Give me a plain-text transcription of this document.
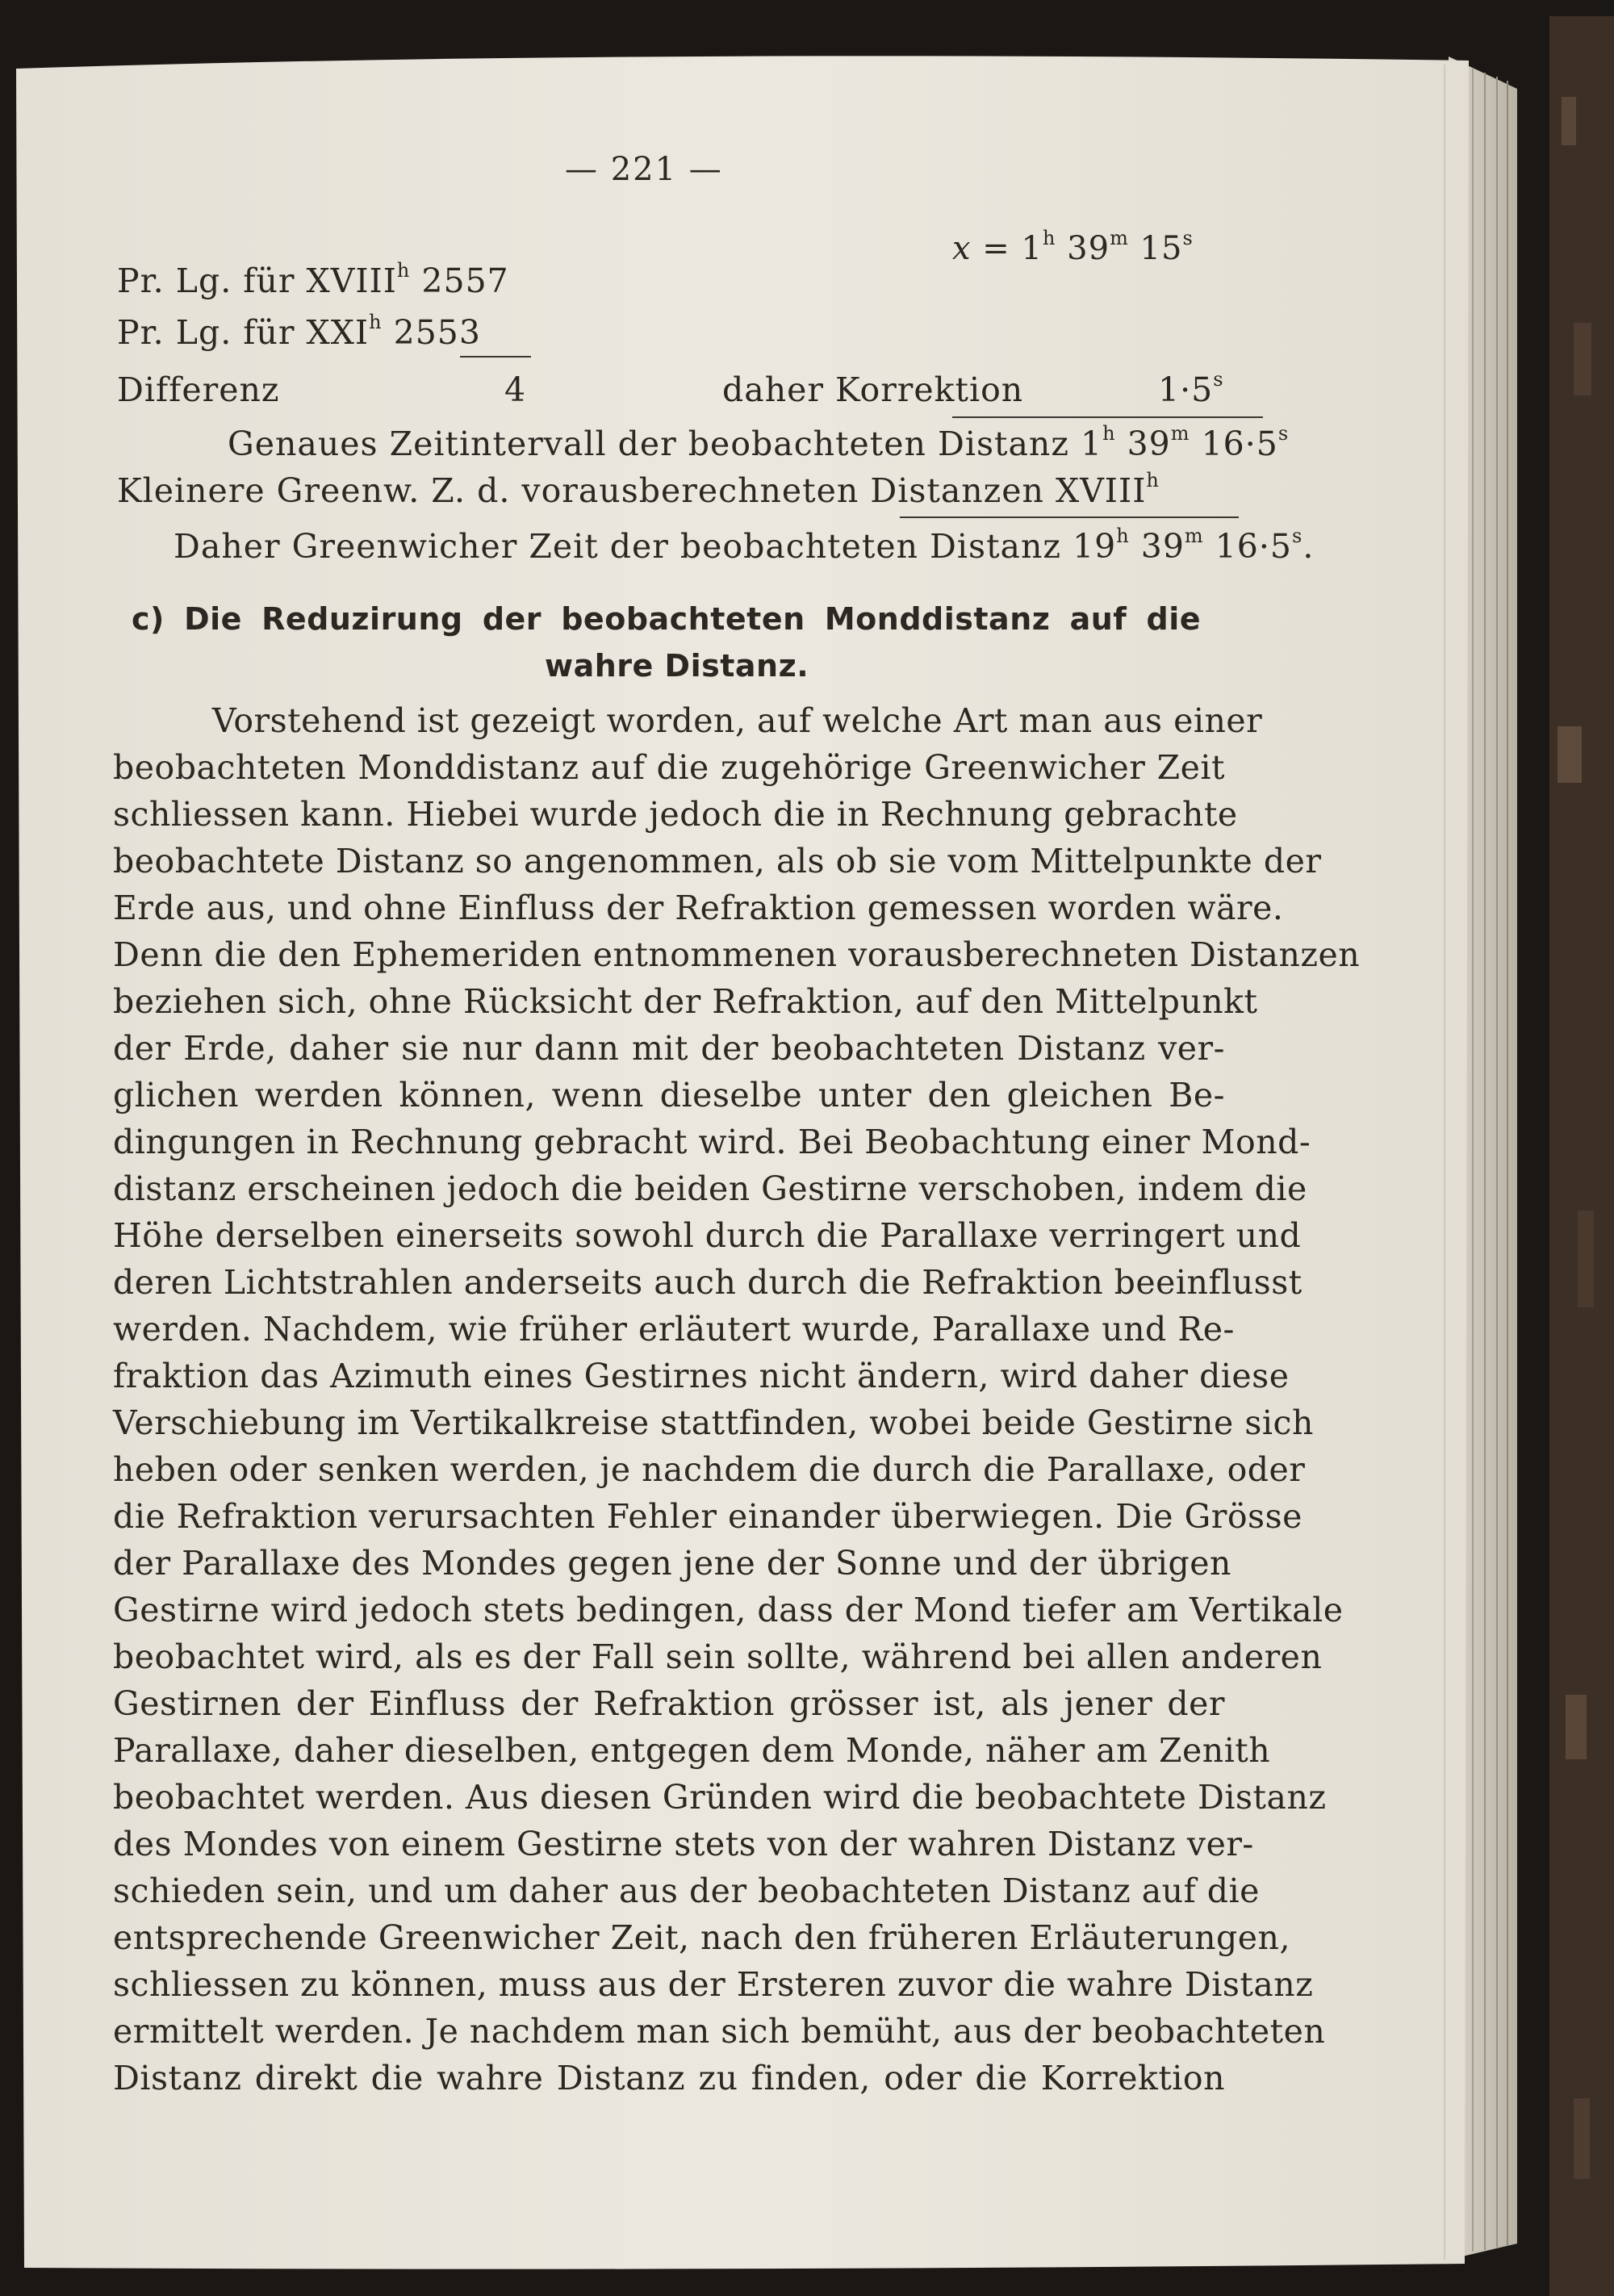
— 221 —
$x = 1^h$ 39$^m$ 15$^s$
Pr. Lg. für XVIII$^h$ 2557
Pr. Lg. für XXI$^h$ 2553
Differenz	4	daher Korrektion	$1\cdot 5^s$
Genaues Zeitintervall der beobachteten Distanz 1$^h$ 39$^m$ $16\cdot 5^s$
Kleinere Greenw. Z. d. vorausberechneten Distanzen XVIII$^h$
Daher Greenwicher Zeit der beobachteten Distanz 19$^h$ 39$^m$ $16\cdot 5^s$.
c) Die Reduzirung der beobachteten Monddistanz auf die
wahre Distanz.
Vorstehend ist gezeigt worden, auf welche Art man aus einer
beobachteten Monddistanz auf die zugehörige Greenwicher Zeit
schliessen kann. Hiebei wurde jedoch die in Rechnung gebrachte
beobachtete Distanz so angenommen, als ob sie vom Mittelpunkte der
Erde aus, und ohne Einfluss der Refraktion gemessen worden wäre.
Denn die den Ephemeriden entnommenen vorausberechneten Distanzen
beziehen sich, ohne Rücksicht der Refraktion, auf den Mittelpunkt
der Erde, daher sie nur dann mit der beobachteten Distanz ver-
glichen werden können, wenn dieselbe unter den gleichen Be-
dingungen in Rechnung gebracht wird. Bei Beobachtung einer Mond-
distanz erscheinen jedoch die beiden Gestirne verschoben, indem die
Höhe derselben einerseits sowohl durch die Parallaxe verringert und
deren Lichtstrahlen anderseits auch durch die Refraktion beeinflusst
werden. Nachdem, wie früher erläutert wurde, Parallaxe und Re-
fraktion das Azimuth eines Gestirnes nicht ändern, wird daher diese
Verschiebung im Vertikalkreise stattfinden, wobei beide Gestirne sich
heben oder senken werden, je nachdem die durch die Parallaxe, oder
die Refraktion verursachten Fehler einander überwiegen. Die Grösse
der Parallaxe des Mondes gegen jene der Sonne und der übrigen
Gestirne wird jedoch stets bedingen, dass der Mond tiefer am Vertikale
beobachtet wird, als es der Fall sein sollte, während bei allen anderen
Gestirnen der Einfluss der Refraktion grösser ist, als jener der
Parallaxe, daher dieselben, entgegen dem Monde, näher am Zenith
beobachtet werden. Aus diesen Gründen wird die beobachtete Distanz
des Mondes von einem Gestirne stets von der wahren Distanz ver-
schieden sein, und um daher aus der beobachteten Distanz auf die
entsprechende Greenwicher Zeit, nach den früheren Erläuterungen,
schliessen zu können, muss aus der Ersteren zuvor die wahre Distanz
ermittelt werden. Je nachdem man sich bemüht, aus der beobachteten
Distanz direkt die wahre Distanz zu finden, oder die Korrektion
